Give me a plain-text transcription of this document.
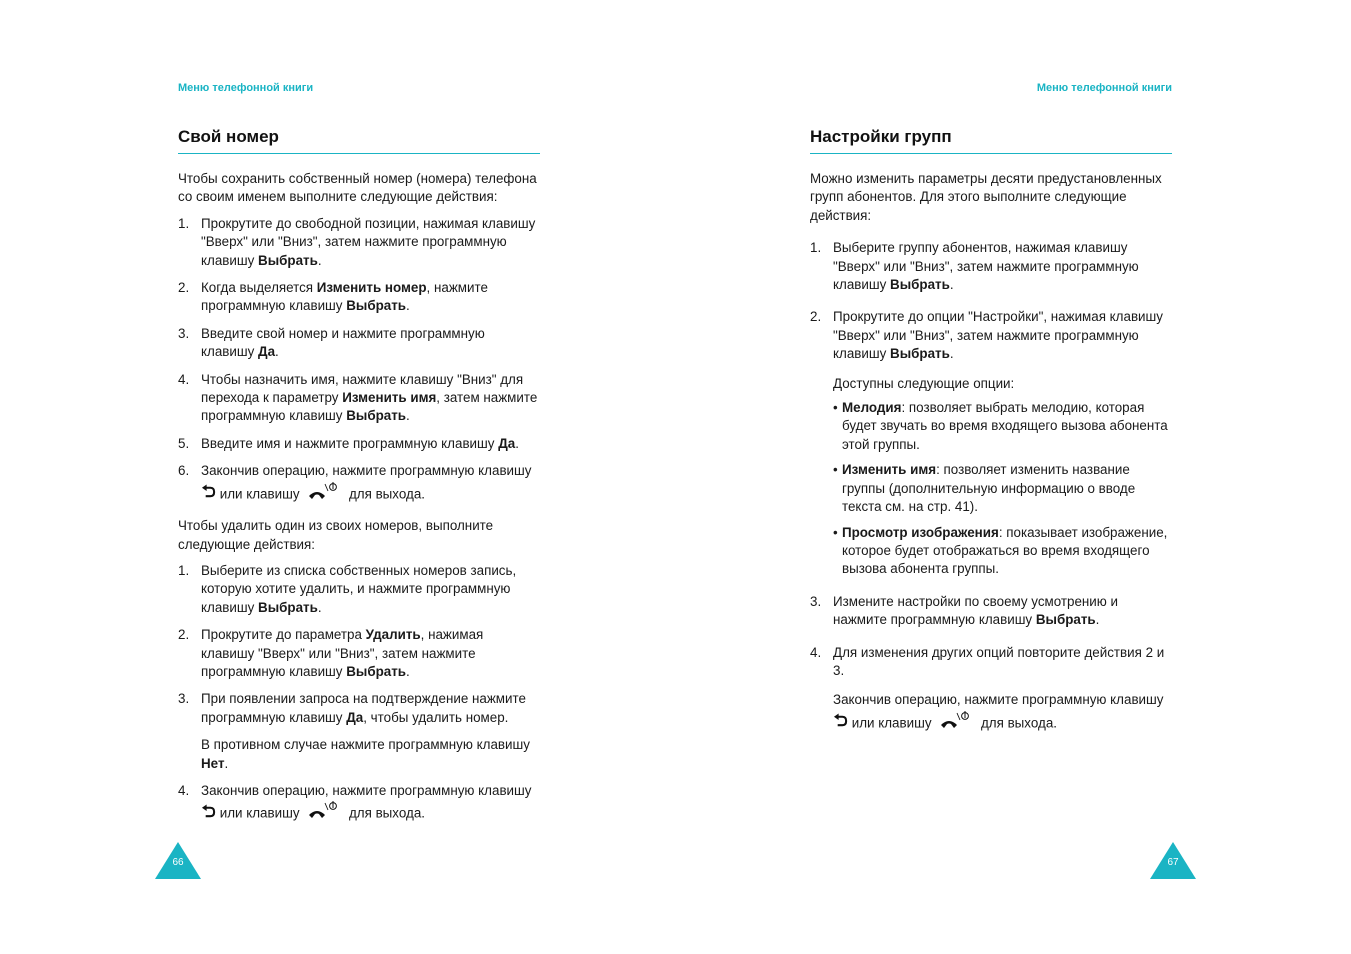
Меню телефонной книги
Свой номер

Чтобы сохранить собственный номер (номера) телефона со своим именем выполните следующие действия:

1. Прокрутите до свободной позиции, нажимая клавишу "Вверх" или "Вниз", затем нажмите программную клавишу Выбрать.
2. Когда выделяется Изменить номер, нажмите программную клавишу Выбрать.
3. Введите свой номер и нажмите программную клавишу Да.
4. Чтобы назначить имя, нажмите клавишу "Вниз" для перехода к параметру Изменить имя, затем нажмите программную клавишу Выбрать.
5. Введите имя и нажмите программную клавишу Да.
6. Закончив операцию, нажмите программную клавишу  или клавишу	для выхода.

Чтобы удалить один из своих номеров, выполните следующие действия:

1. Выберите из списка собственных номеров запись, которую хотите удалить, и нажмите программную клавишу Выбрать.
2. Прокрутите до параметра Удалить, нажимая клавишу "Вверх" или "Вниз", затем нажмите программную клавишу Выбрать.
3. При появлении запроса на подтверждение нажмите программную клавишу Да, чтобы удалить номер.

В противном случае нажмите программную клавишу Нет.

4. Закончив операцию, нажмите программную клавишу  или клавишу	для выхода.
Меню телефонной книги
Настройки групп

Можно изменить параметры десяти предустановленных групп абонентов. Для этого выполните следующие действия:

1. Выберите группу абонентов, нажимая клавишу "Вверх" или "Вниз", затем нажмите программную клавишу Выбрать.
2. Прокрутите до опции "Настройки", нажимая клавишу "Вверх" или "Вниз", затем нажмите программную клавишу Выбрать.

Доступны следующие опции:

• Мелодия: позволяет выбрать мелодию, которая будет звучать во время входящего вызова абонента этой группы.
• Изменить имя: позволяет изменить название группы (дополнительную информацию о вводе текста см. на стр. 41).
• Просмотр изображения: показывает изображение, которое будет отображаться во время входящего вызова абонента группы.
3. Измените настройки по своему усмотрению и нажмите программную клавишу Выбрать.
4. Для изменения других опций повторите действия 2 и 3.

Закончив операцию, нажмите программную клавишу  или клавишу	для выхода.

66	67
